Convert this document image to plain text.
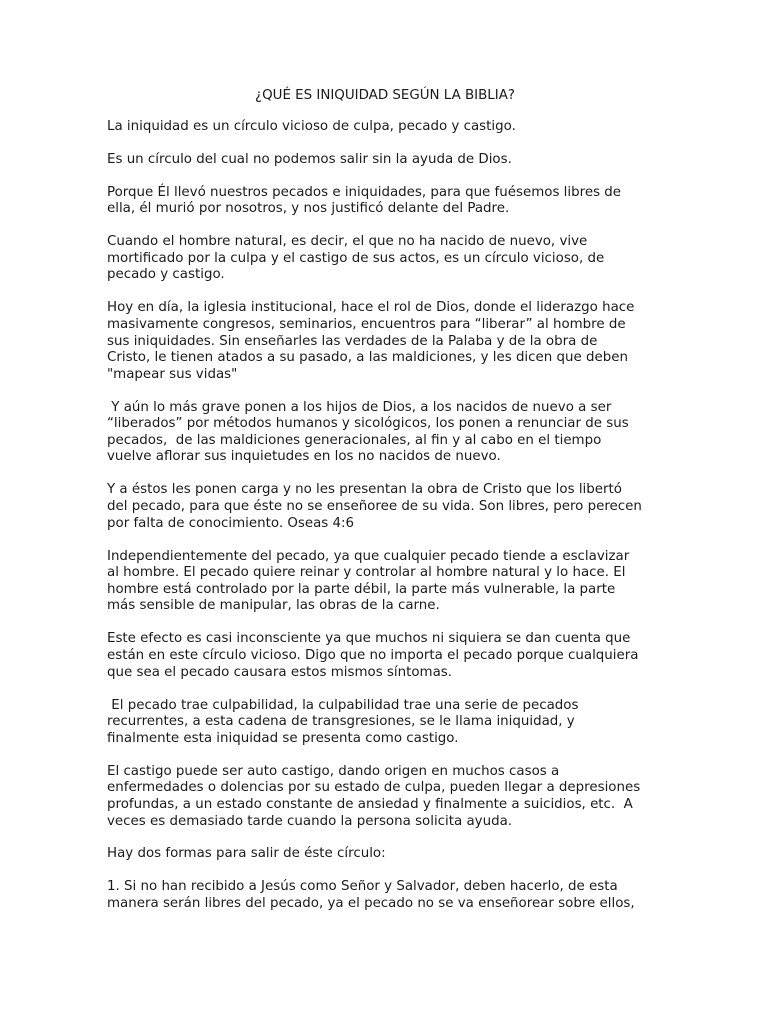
¿QUÉ ES INIQUIDAD SEGÚN LA BIBLIA?

La iniquidad es un círculo vicioso de culpa, pecado y castigo.

Es un círculo del cual no podemos salir sin la ayuda de Dios.

Porque Él llevó nuestros pecados e iniquidades, para que fuésemos libres de
ella, él murió por nosotros, y nos justificó delante del Padre.

Cuando el hombre natural, es decir, el que no ha nacido de nuevo, vive
mortificado por la culpa y el castigo de sus actos, es un círculo vicioso, de
pecado y castigo.

Hoy en día, la iglesia institucional, hace el rol de Dios, donde el liderazgo hace
masivamente congresos, seminarios, encuentros para “liberar” al hombre de
sus iniquidades. Sin enseñarles las verdades de la Palaba y de la obra de
Cristo, le tienen atados a su pasado, a las maldiciones, y les dicen que deben
"mapear sus vidas"

Y aún lo más grave ponen a los hijos de Dios, a los nacidos de nuevo a ser
“liberados” por métodos humanos y sicológicos, los ponen a renunciar de sus
pecados,  de las maldiciones generacionales, al fin y al cabo en el tiempo
vuelve aflorar sus inquietudes en los no nacidos de nuevo.

Y a éstos les ponen carga y no les presentan la obra de Cristo que los libertó
del pecado, para que éste no se enseñoree de su vida. Son libres, pero perecen
por falta de conocimiento. Oseas 4:6

Independientemente del pecado, ya que cualquier pecado tiende a esclavizar
al hombre. El pecado quiere reinar y controlar al hombre natural y lo hace. El
hombre está controlado por la parte débil, la parte más vulnerable, la parte
más sensible de manipular, las obras de la carne.

Este efecto es casi inconsciente ya que muchos ni siquiera se dan cuenta que
están en este círculo vicioso. Digo que no importa el pecado porque cualquiera
que sea el pecado causara estos mismos síntomas.

El pecado trae culpabilidad, la culpabilidad trae una serie de pecados
recurrentes, a esta cadena de transgresiones, se le llama iniquidad, y
finalmente esta iniquidad se presenta como castigo.

El castigo puede ser auto castigo, dando origen en muchos casos a
enfermedades o dolencias por su estado de culpa, pueden llegar a depresiones
profundas, a un estado constante de ansiedad y finalmente a suicidios, etc.  A
veces es demasiado tarde cuando la persona solicita ayuda.

Hay dos formas para salir de éste círculo:

1. Si no han recibido a Jesús como Señor y Salvador, deben hacerlo, de esta
manera serán libres del pecado, ya el pecado no se va enseñorear sobre ellos,
